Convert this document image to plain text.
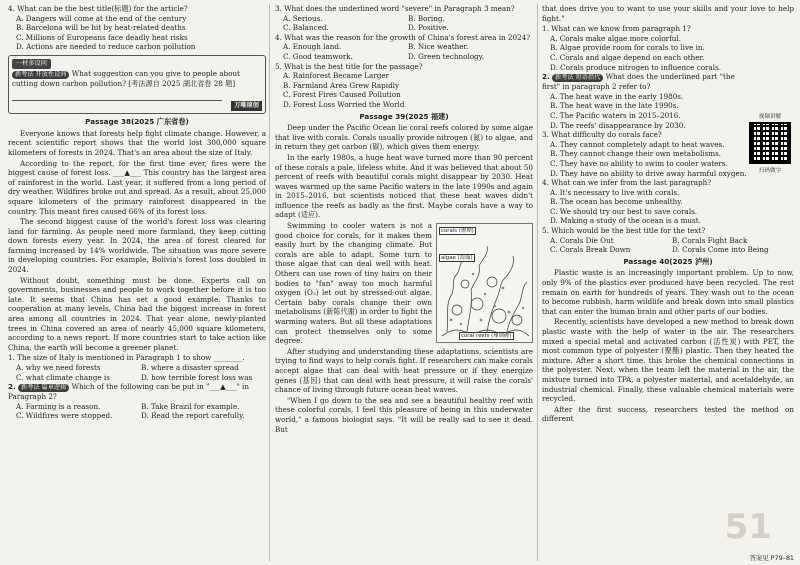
4. What can be the best title(标题) for the article?

A. Dangers will come at the end of the century

B. Barcelona will be hit by heat-related deaths

C. Millions of Europeans face deadly heat risks

D. Actions are needed to reduce carbon pollution

一材多设问
新考法 开放性设问 What suggestion can you give to people about cutting down carbon pollution? [考法源自 2025 湖北省卷 28 题]
万唯原创

Passage 38(2025 广东省卷)

Everyone knows that forests help fight climate change. However, a recent scientific report shows that the world lost 300,000 square kilometers of forests in 2024. That's an area about the size of Italy.

According to the report, for the first time ever, fires were the biggest cause of forest loss. ___▲___ This country has the largest area of rainforest in the world. Last year, it suffered from a long period of dry weather. Wildfires broke out and spread. As a result, about 25,000 square kilometers of the primary rainforest disappeared in the country. This meant fires caused 66% of its forest loss.

The second biggest cause of the world's forest loss was clearing land for farming. As people need more farmland, they keep cutting down forests every year. In 2024, the area of forest cleared for farming increased by 14% worldwide. The situation was more severe in developing countries. For example, Bolivia's forest loss doubled in 2024.

Without doubt, something must be done. Experts call on governments, businesses and people to work together before it is too late. It seems that China has set a good example. Thanks to cooperation at many levels, China had the biggest increase in forest area among all countries in 2024. That year alone, newly-planted trees in China covered an area of nearly 45,000 square kilometers, according to a news report. If more countries start to take action like China, the earth will become a greener planet.

1. The size of Italy is mentioned in Paragraph 1 to show ________.

A. why we need forests	B. where a disaster spread
C. what climate change is	D. how terrible forest loss was

2. 新考法 篇章逻辑 Which of the following can be put in "___▲___" in Paragraph 2?

A. Farming is a reason.	B. Take Brazil for example.
C. Wildfires were stopped.	D. Read the report carefully.

3. What does the underlined word "severe" in Paragraph 3 mean?

A. Serious.	B. Boring.
C. Balanced.	D. Positive.

4. What was the reason for the growth of China's forest area in 2024?

A. Enough land.	B. Nice weather.
C. Good teamwork.	D. Green technology.

5. What is the best title for the passage?

A. Rainforest Became Larger

B. Farmland Area Grew Rapidly

C. Forest Fires Caused Pollution

D. Forest Loss Worried the World

Passage 39(2025 福建)

Deep under the Pacific Ocean lie coral reefs colored by some algae that live with corals. Corals usually provide nitrogen (氮) to algae, and in return they get carbon (碳), which gives them energy.

In the early 1980s, a huge heat wave turned more than 90 percent of these corals a pale, lifeless white. And it was believed that about 50 percent of reefs with beautiful corals might disappear by 2030. Heat waves warmed up the same Pacific waters in the late 1990s and again in 2015–2016, but scientists noticed that these heat waves didn't influence the reefs as badly as the first. Maybe corals have a way to adapt (适应).

corals (珊瑚)
algae (海藻)
coral reefs (珊瑚礁)

Swimming to cooler waters is not a good choice for corals, for it makes them easily hurt by the changing climate. But corals are able to adapt. Some turn to those algae that can deal well with heat. Others can use rows of tiny hairs on their bodies to "fan" away too much harmful oxygen (O₂) let out by stressed-out algae. Certain baby corals change their own metabolisms (新陈代谢) in order to fight the warming waters. But all these adaptations can protect themselves only to some degree.

After studying and understanding these adaptations, scientists are trying to find ways to help corals fight. If researchers can make corals accept algae that can deal with heat pressure or if they energize genes (基因) that can deal with heat pressure, it will raise the corals' chance of living through future ocean heat waves.

"When I go down to the sea and see a beautiful healthy reef with these colorful corals, I feel this pleasure of being in this underwater world," a famous biologist says. "It will be really sad to see it dead. But

that does drive you to want to use your skills and your love to help fight."

1. What can we know from paragraph 1?

A. Corals make algae more colorful.

B. Algae provide room for corals to live in.

C. Corals and algae depend on each other.

D. Corals produce nitrogen to influence corals.

2. 新考法 短语指代 What does the underlined part "the first" in paragraph 2 refer to?

A. The heat wave in the early 1980s.

B. The heat wave in the late 1990s.

C. The Pacific waters in 2015–2016.

D. The reefs' disappearance by 2030.

3. What difficulty do corals face?

A. They cannot completely adapt to heat waves.

B. They cannot change their own metabolisms.

C. They have no ability to swim to cooler waters.

D. They have no ability to drive away harmful oxygen.

4. What can we infer from the last paragraph?

A. It's necessary to live with corals.

B. The ocean has become unhealthy.

C. We should try our best to save corals.

D. Making a study of the ocean is a must.

5. Which would be the best title for the text?

A. Corals Die Out	B. Corals Fight Back
C. Corals Break Down	D. Corals Come into Being

Passage 40(2025 泸州)

Plastic waste is an increasingly important problem. Up to now, only 9% of the plastics ever produced have been recycled. The rest remain on earth for hundreds of years. They wash out to the ocean to become rubbish, harm wildlife and break down into small plastics that can enter the human brain and other parts of our bodies.

Recently, scientists have developed a new method to break down plastic waste with the help of water in the air. The researchers mixed a special metal and activated carbon (活性炭) with PET, the most common type of polyester (聚酯) plastic. Then they heated the mixture. After a short time, this broke the chemical connections in the polyester. Next, when the team left the material in the air, the mixture turned into TPA, a polyester material, and acetaldehyde, an industrial chemical. Finally, these valuable chemical materials were recycled.

After the first success, researchers tested the method on different

视频讲解
扫码做字
51
答案见 P79–81
